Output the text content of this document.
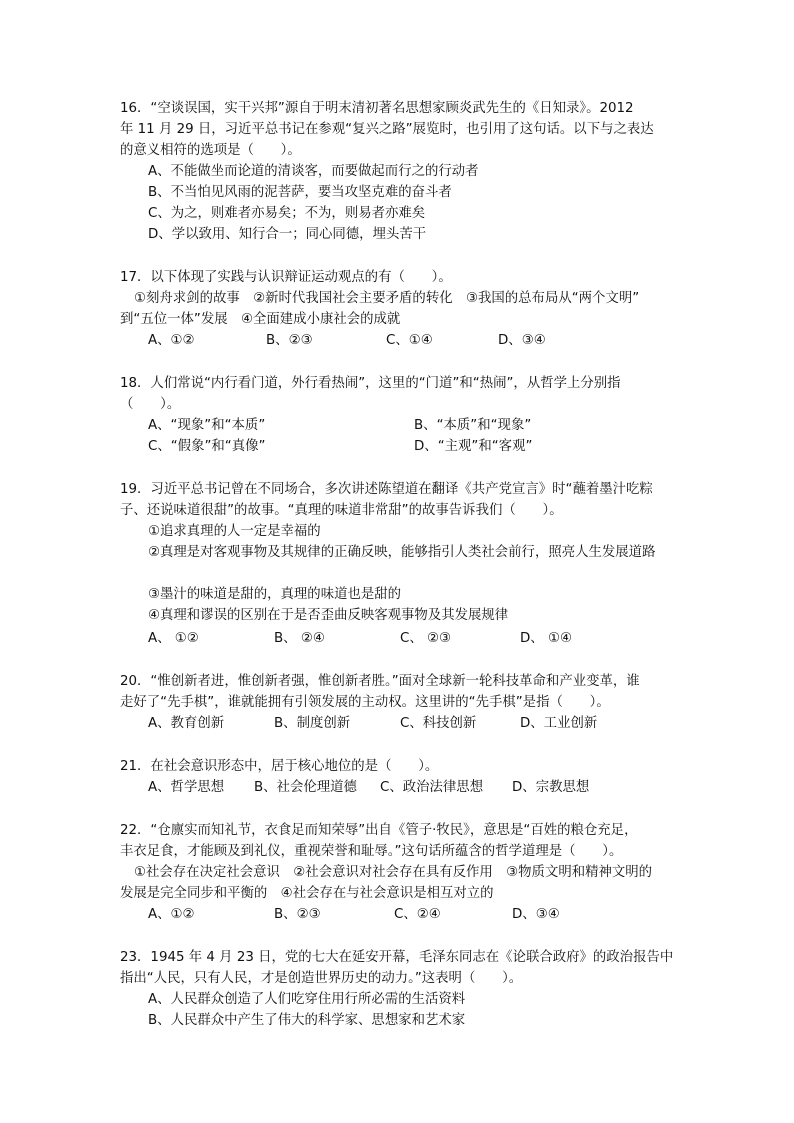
16．“空谈误国，实干兴邦”源自于明末清初著名思想家顾炎武先生的《日知录》。2012
年 11 月 29 日，习近平总书记在参观“复兴之路”展览时，也引用了这句话。以下与之表达
的意义相符的选项是（　　）。
A、不能做坐而论道的清谈客，而要做起而行之的行动者
B、不当怕见风雨的泥菩萨，要当攻坚克难的奋斗者
C、为之，则难者亦易矣；不为，则易者亦难矣
D、学以致用、知行合一；同心同德，埋头苦干
17．以下体现了实践与认识辩证运动观点的有（　　）。
①刻舟求剑的故事　②新时代我国社会主要矛盾的转化　③我国的总布局从“两个文明”
到“五位一体”发展　④全面建成小康社会的成就
A、①②	B、②③	C、①④	D、③④
18．人们常说“内行看门道，外行看热闹”，这里的“门道”和“热闹”，从哲学上分别指
（　　）。
A、“现象”和“本质”	B、“本质”和“现象”
C、“假象”和“真像”	D、“主观”和“客观”
19．习近平总书记曾在不同场合，多次讲述陈望道在翻译《共产党宣言》时“蘸着墨汁吃粽
子、还说味道很甜”的故事。“真理的味道非常甜”的故事告诉我们（　　）。
①追求真理的人一定是幸福的
②真理是对客观事物及其规律的正确反映，能够指引人类社会前行，照亮人生发展道路
③墨汁的味道是甜的，真理的味道也是甜的
④真理和谬误的区别在于是否歪曲反映客观事物及其发展规律
A、 ①②	B、 ②④	C、 ②③	D、 ①④
20．“惟创新者进，惟创新者强，惟创新者胜。”面对全球新一轮科技革命和产业变革，谁
走好了“先手棋”，谁就能拥有引领发展的主动权。这里讲的“先手棋”是指（　　）。
A、教育创新	B、制度创新	C、科技创新	D、工业创新
21．在社会意识形态中，居于核心地位的是（　　）。
A、哲学思想	B、社会伦理道德	C、政治法律思想	D、宗教思想
22．“仓廪实而知礼节，衣食足而知荣辱”出自《管子·牧民》，意思是“百姓的粮仓充足，
丰衣足食，才能顾及到礼仪，重视荣誉和耻辱。”这句话所蕴含的哲学道理是（　　）。
①社会存在决定社会意识　②社会意识对社会存在具有反作用　③物质文明和精神文明的
发展是完全同步和平衡的　④社会存在与社会意识是相互对立的
A、①②	B、②③	C、②④	D、③④
23．1945 年 4 月 23 日，党的七大在延安开幕，毛泽东同志在《论联合政府》的政治报告中
指出“人民，只有人民，才是创造世界历史的动力。”这表明（　　）。
A、人民群众创造了人们吃穿住用行所必需的生活资料
B、人民群众中产生了伟大的科学家、思想家和艺术家
